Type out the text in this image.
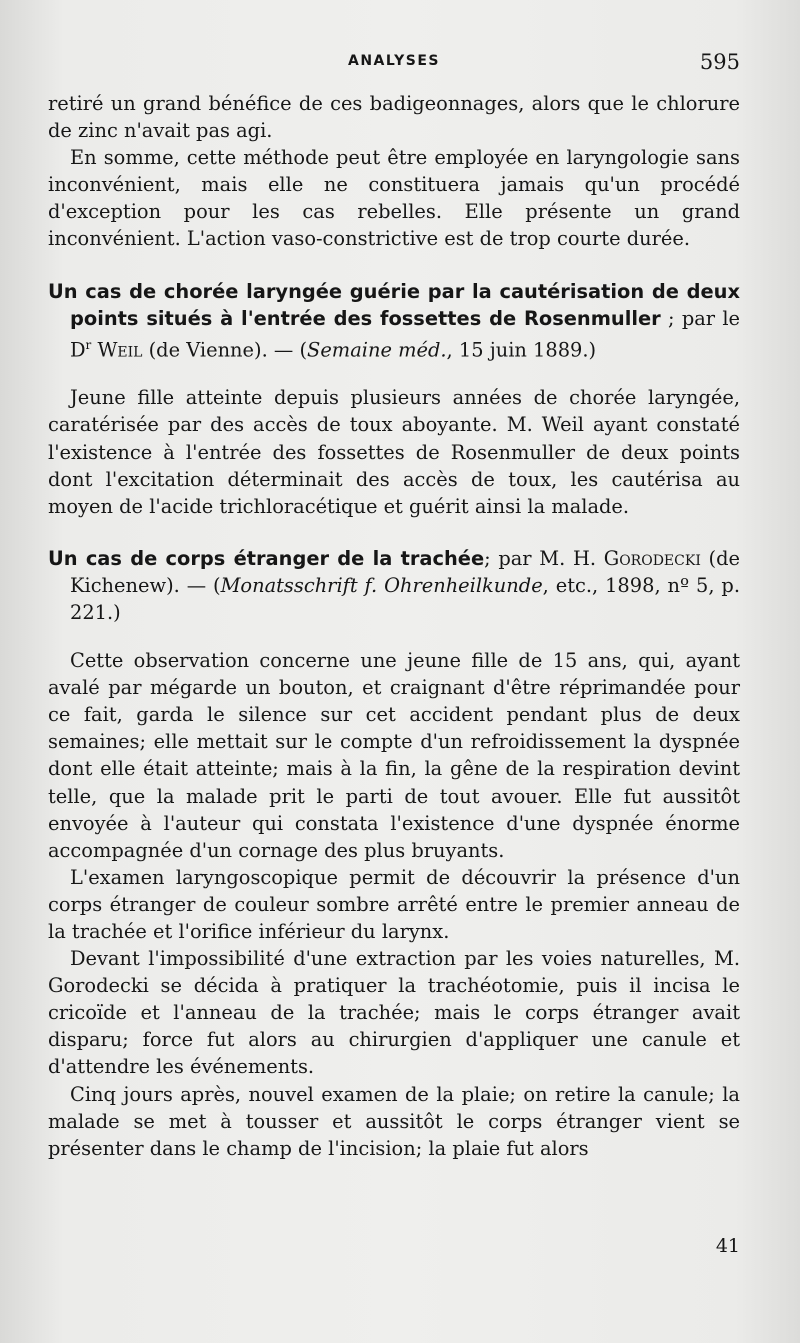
ANALYSES	595

retiré un grand bénéfice de ces badigeonnages, alors que le chlorure de zinc n'avait pas agi.

En somme, cette méthode peut être employée en laryngologie sans inconvénient, mais elle ne constituera jamais qu'un procédé d'exception pour les cas rebelles. Elle présente un grand inconvénient. L'action vaso-constrictive est de trop courte durée.

Un cas de chorée laryngée guérie par la cautérisation de deux points situés à l'entrée des fossettes de Rosenmuller ; par le $D^r$ Weil (de Vienne). — (Semaine méd., 15 juin 1889.)

Jeune fille atteinte depuis plusieurs années de chorée laryngée, caratérisée par des accès de toux aboyante. M. Weil ayant constaté l'existence à l'entrée des fossettes de Rosenmuller de deux points dont l'excitation déterminait des accès de toux, les cautérisa au moyen de l'acide trichloracétique et guérit ainsi la malade.

Un cas de corps étranger de la trachée; par M. H. Gorodecki (de Kichenew). — (Monatsschrift f. Ohrenheilkunde, etc., 1898, nº 5, p. 221.)

Cette observation concerne une jeune fille de 15 ans, qui, ayant avalé par mégarde un bouton, et craignant d'être réprimandée pour ce fait, garda le silence sur cet accident pendant plus de deux semaines; elle mettait sur le compte d'un refroidissement la dyspnée dont elle était atteinte; mais à la fin, la gêne de la respiration devint telle, que la malade prit le parti de tout avouer. Elle fut aussitôt envoyée à l'auteur qui constata l'existence d'une dyspnée énorme accompagnée d'un cornage des plus bruyants.

L'examen laryngoscopique permit de découvrir la présence d'un corps étranger de couleur sombre arrêté entre le premier anneau de la trachée et l'orifice inférieur du larynx.

Devant l'impossibilité d'une extraction par les voies naturelles, M. Gorodecki se décida à pratiquer la trachéotomie, puis il incisa le cricoïde et l'anneau de la trachée; mais le corps étranger avait disparu; force fut alors au chirurgien d'appliquer une canule et d'attendre les événements.

Cinq jours après, nouvel examen de la plaie; on retire la canule; la malade se met à tousser et aussitôt le corps étranger vient se présenter dans le champ de l'incision; la plaie fut alors

41
